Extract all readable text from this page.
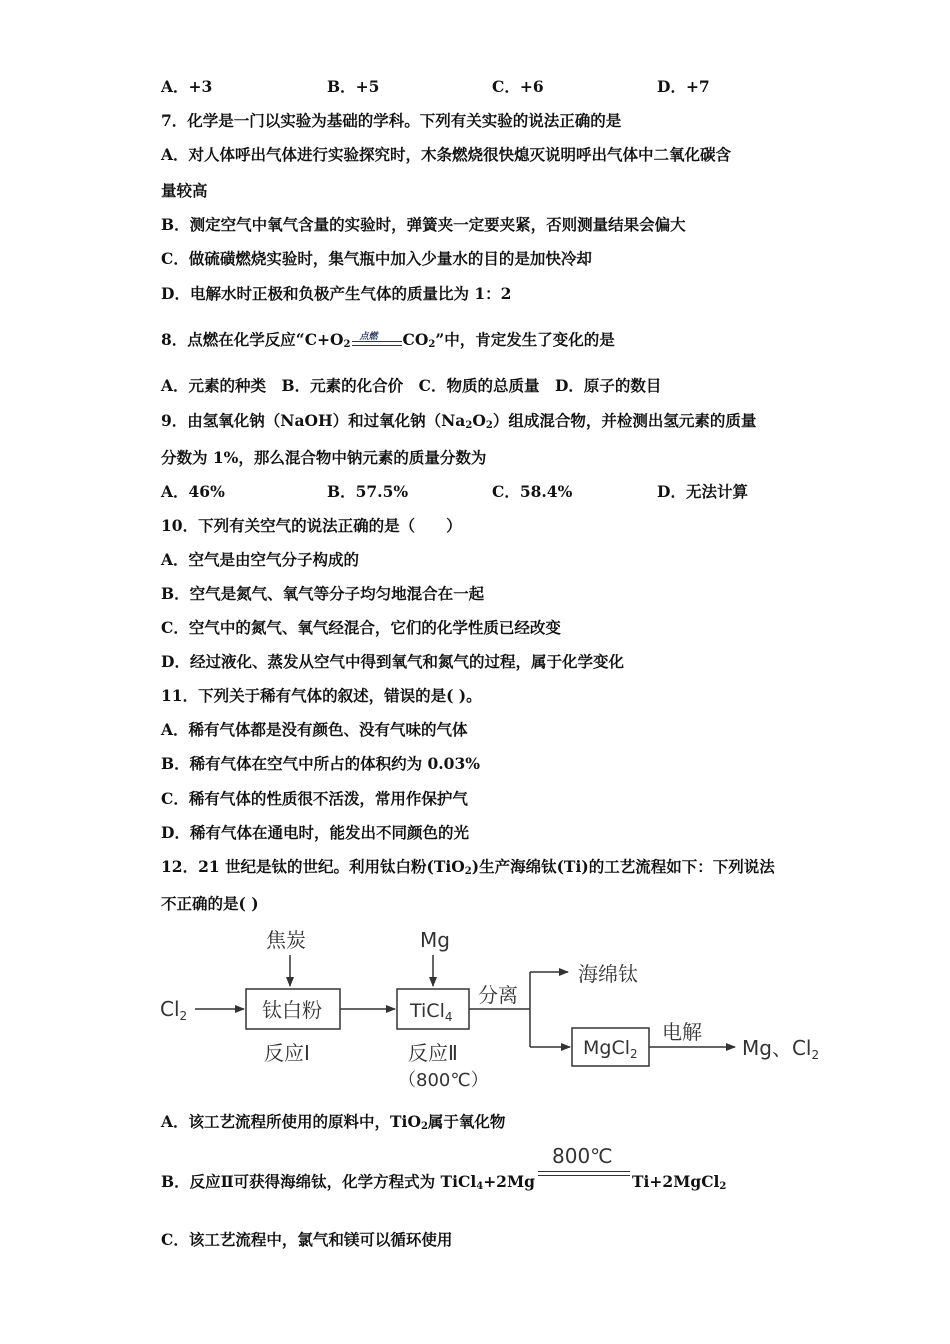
A．+3	B．+5	C．+6	D．+7
7．化学是一门以实验为基础的学科。下列有关实验的说法正确的是
A．对人体呼出气体进行实验探究时，木条燃烧很快熄灭说明呼出气体中二氧化碳含
量较高
B．测定空气中氧气含量的实验时，弹簧夹一定要夹紧，否则测量结果会偏大
C．做硫磺燃烧实验时，集气瓶中加入少量水的目的是加快冷却
D．电解水时正极和负极产生气体的质量比为 1：2
8．点燃在化学反应“$C+O_2$
点燃 $CO_2$”中，肯定发生了变化的是
A．元素的种类　B．元素的化合价　C．物质的总质量　D．原子的数目
9．由氢氧化钠（NaOH）和过氧化钠$(Na_2O_2)$组成混合物，并检测出氢元素的质量
分数为 1%，那么混合物中钠元素的质量分数为
A．46%	B．57.5%	C．58.4%	D．无法计算
10．下列有关空气的说法正确的是（　　）
A．空气是由空气分子构成的
B．空气是氮气、氧气等分子均匀地混合在一起
C．空气中的氮气、氧气经混合，它们的化学性质已经改变
D．经过液化、蒸发从空气中得到氧气和氮气的过程，属于化学变化
11．下列关于稀有气体的叙述，错误的是( )。
A．稀有气体都是没有颜色、没有气味的气体
B．稀有气体在空气中所占的体积约为 0.03%
C．稀有气体的性质很不活泼，常用作保护气
D．稀有气体在通电时，能发出不同颜色的光
12．21 世纪是钛的世纪。利用钛白粉(TiO$_2$)生产海绵钛(Ti)的工艺流程如下：下列说法
不正确的是( )
焦炭	Mg
$Cl_2$	钛白粉	TiCl$_4$
分离
海绵钛
MgCl$_2$
电解
Mg、$Cl_2$
反应Ⅰ	反应Ⅱ
（800℃）
A．该工艺流程所使用的原料中，TiO$_2$属于氧化物
800℃
B．反应Ⅱ可获得海绵钛，化学方程式为 TiCl$_4$+2Mg	Ti+2MgCl$_2$
C．该工艺流程中，氯气和镁可以循环使用
